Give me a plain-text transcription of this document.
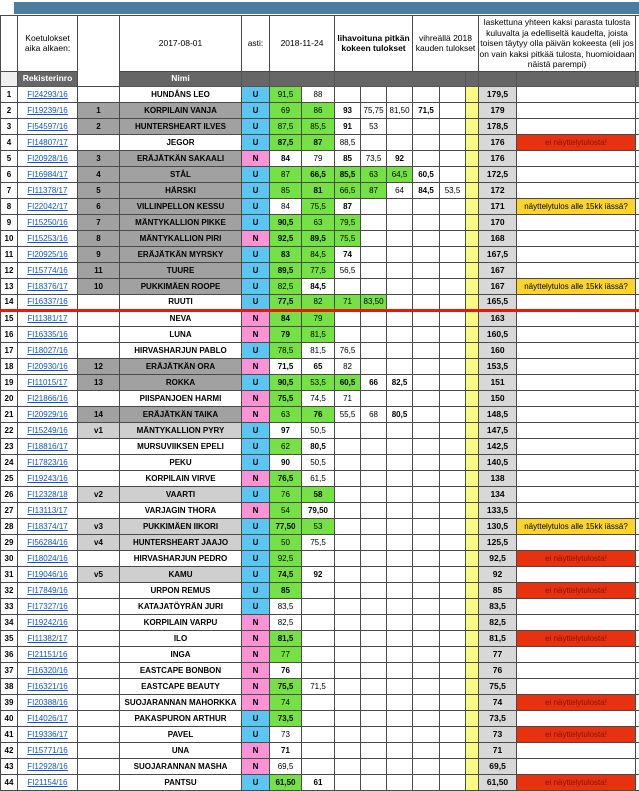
	Koetulokset aika alkaen:	Erraus- haukkui- hin valitut ja järjestys	2017-08-01	asti:	2018-11-24		lihavoituna pitkän kokeen tulokset			vihreällä 2018 kauden tulokset			laskettuna yhteen kaksi parasta tulosta kuluvalta ja edelliseltä kaudelta, joista toisen täytyy olla päivän kokeesta (eli jos on vain kaksi pitkää tulosta, huomioidaan näistä parempi)		
	Rekisterinro		Nimi												
1	FI24293/16		HUNDÅNS LEO	U	91,5	88							179,5		
2	FI19239/16	1	KORPILAIN VANJA	U	69	86	93	75,75	81,50	71,5			179		
3	FI54597/16	2	HUNTERSHEART ILVES	U	87,5	85,5	91	53					178,5		
4	FI14807/17		JEGOR	U	87,5	87	88,5						176	ei näyttelytulosta!	
5	FI20928/16	3	ERÄJÄTKÄN SAKAALI	N	84	79	85	73,5	92				176		
6	FI16984/17	4	STÅL	U	87	66,5	85,5	63	64,5	60,5			172,5		
7	FI11378/17	5	HÄRSKI	U	85	81	66,5	87	64	84,5	53,5		172		
8	FI22042/17	6	VILLINPELLON KESSU	U	84	75,5	87						171	näyttelytulos alle 15kk iässä?	
9	FI15250/16	7	MÄNTYKALLION PIKKE	U	90,5	63	79,5						170		
10	FI15253/16	8	MÄNTYKALLION PIRI	N	92,5	89,5	75,5						168		
11	FI20925/16	9	ERÄJÄTKÄN MYRSKY	U	83	84,5	74						167,5		
12	FI15774/16	11	TUURE	U	89,5	77,5	56,5						167		
13	FI18376/17	10	PUKKIMÄEN ROOPE	U	82,5	84,5							167	näyttelytulos alle 15kk iässä?	
14	FI16337/16		RUUTI	U	77,5	82	71	83,50					165,5		
15	FI11381/17		NEVA	N	84	79							163		
16	FI16335/16		LUNA	N	79	81,5							160,5		
17	FI18027/16		HIRVASHARJUN PABLO	U	78,5	81,5	76,5						160		
18	FI20930/16	12	ERÄJÄTKÄN ORA	N	71,5	65	82						153,5		
19	FI11015/17	13	ROKKA	U	90,5	53,5	60,5	66	82,5				151		
20	FI21866/16		PIISPANJOEN HARMI	N	75,5	74,5	71						150		
21	FI20929/16	14	ERÄJÄTKÄN TAIKA	N	63	76	55,5	68	80,5				148,5		
22	FI15249/16	v1	MÄNTYKALLION PYRY	U	97	50,5							147,5		
23	FI18816/17		MURSUVIIKSEN EPELI	U	62	80,5							142,5		
24	FI17823/16		PEKU	U	90	50,5							140,5		
25	FI19243/16		KORPILAIN VIRVE	N	76,5	61,5							138		
26	FI12328/18	v2	VAARTI	U	76	58							134		
27	FI13113/17		VARJAGIN THORA	N	54	79,50							133,5		
28	FI18374/17	v3	PUKKIMÄEN IIKORI	U	77,50	53							130,5	näyttelytulos alle 15kk iässä?	
29	FI56284/16	v4	HUNTERSHEART JAAJO	U	50	75,5							125,5		
30	FI18024/16		HIRVASHARJUN PEDRO	U	92,5								92,5	ei näyttelytulosta!	
31	FI19046/16	v5	KAMU	U	74,5	92							92		
32	FI17849/16		URPON REMUS	U	85								85	ei näyttelytulosta!	
33	FI17327/16		KATAJATÖYRÄN JURI	U	83,5								83,5		
34	FI19242/16		KORPILAIN VARPU	N	82,5								82,5		
35	FI11382/17		ILO	N	81,5								81,5	ei näyttelytulosta!	
36	FI21151/16		INGA	N	77								77		
37	FI16320/16		EASTCAPE BONBON	N	76								76		
38	FI16321/16		EASTCAPE BEAUTY	N	75,5	71,5							75,5		
39	FI20388/16		SUOJARANNAN MAHORKKA	N	74								74	ei näyttelytulosta!	
40	FI14026/17		PAKASPURON ARTHUR	U	73,5								73,5		
41	FI19336/17		PAVEL	U	73								73	ei näyttelytulosta!	
42	FI15771/16		UNA	N	71								71		
43	FI12928/16		SUOJARANNAN MASHA	N	69,5								69,5		
44	FI21154/16		PANTSU	U	61,50	61							61,50	ei näyttelytulosta!	
